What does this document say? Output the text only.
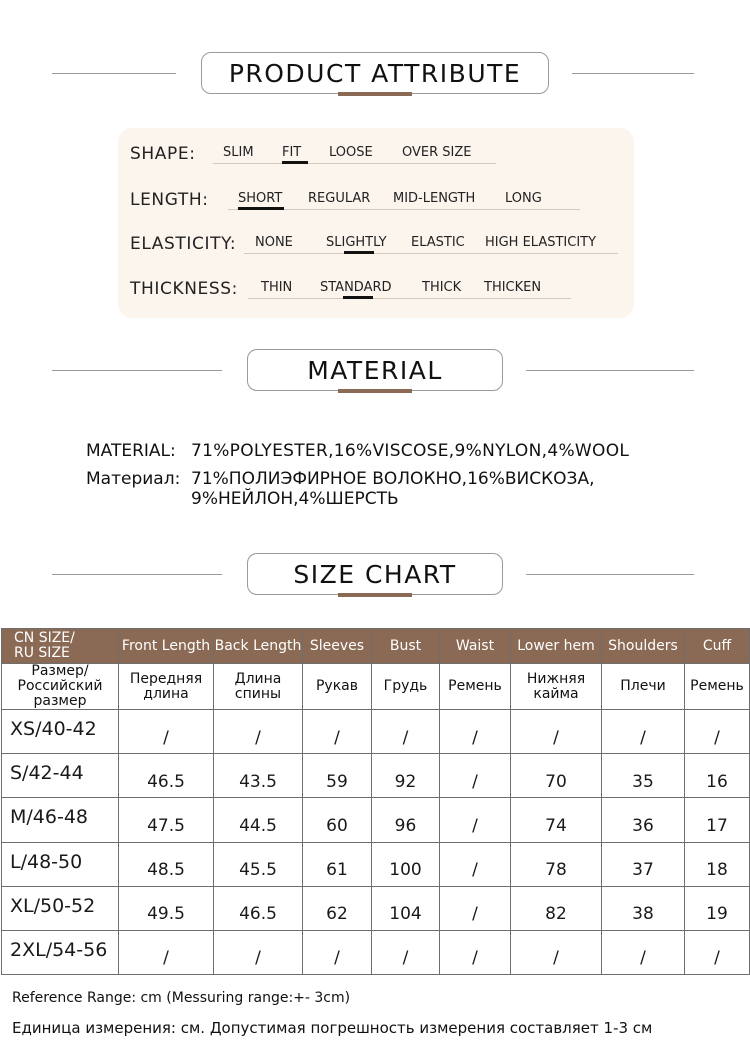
PRODUCT ATTRIBUTE
SHAPE: SLIM FIT LOOSE OVER SIZE
LENGTH: SHORT REGULAR MID-LENGTH LONG
ELASTICITY: NONE	SLIGHTLY ELASTIC HIGH ELASTICITY
THICKNESS: THIN STANDARD THICK THICKEN
MATERIAL
MATERIAL: 71%POLYESTER,16%VISCOSE,9%NYLON,4%WOOL
Материал: 71%ПОЛИЭФИРНОЕ ВОЛОКНО,16%ВИСКОЗА,
9%НЕЙЛОН,4%ШЕРСТЬ
SIZE CHART
CN SIZE/
RU SIZE	Front Length	Back Length	Sleeves	Bust	Waist	Lower hem	Shoulders	Cuff
Размер/
Российский
размер	Передняя
длина	Длина
спины	Рукав	Грудь	Ремень	Нижняя
кайма	Плечи	Ремень
XS/40-42	/	/	/	/	/	/	/	/
S/42-44	46.5	43.5	59	92	/	70	35	16
M/46-48	47.5	44.5	60	96	/	74	36	17
L/48-50	48.5	45.5	61	100	/	78	37	18
XL/50-52	49.5	46.5	62	104	/	82	38	19
2XL/54-56	/	/	/	/	/	/	/	/
Reference Range: cm (Messuring range:+- 3cm)
Единица измерения: см. Допустимая погрешность измерения составляет 1-3 см
